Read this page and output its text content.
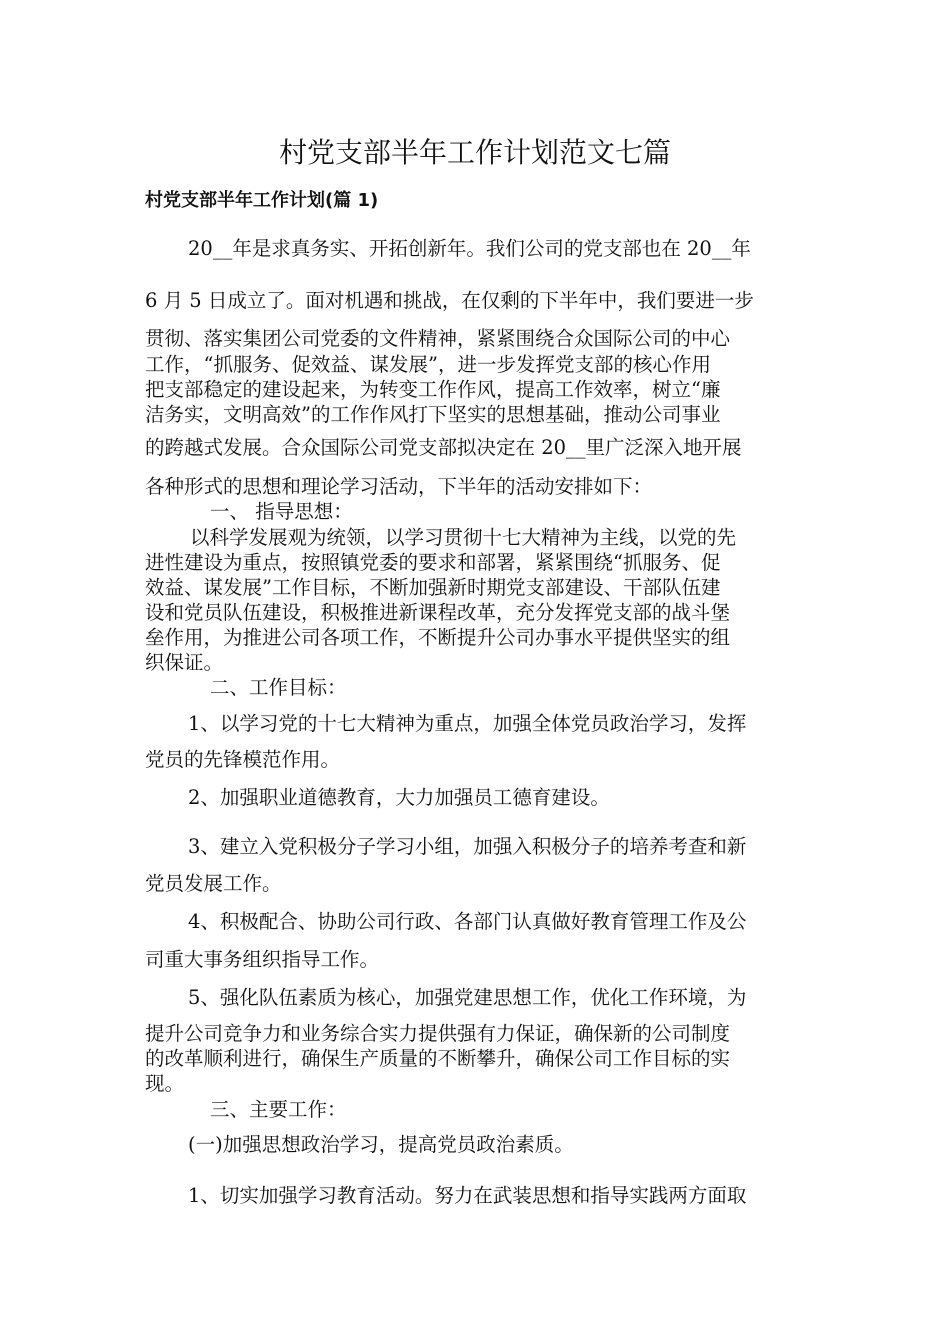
村党支部半年工作计划范文七篇
村党支部半年工作计划(篇 1)
20__年是求真务实、开拓创新年。我们公司的党支部也在 20__年
6 月 5 日成立了。面对机遇和挑战，在仅剩的下半年中，我们要进一步
贯彻、落实集团公司党委的文件精神，紧紧围绕合众国际公司的中心
工作，“抓服务、促效益、谋发展”，进一步发挥党支部的核心作用
把支部稳定的建设起来，为转变工作作风，提高工作效率，树立“廉
洁务实，文明高效”的工作作风打下坚实的思想基础，推动公司事业
的跨越式发展。合众国际公司党支部拟决定在 20__里广泛深入地开展
各种形式的思想和理论学习活动，下半年的活动安排如下：
一、 指导思想：
以科学发展观为统领，以学习贯彻十七大精神为主线，以党的先
进性建设为重点，按照镇党委的要求和部署，紧紧围绕“抓服务、促
效益、谋发展”工作目标，不断加强新时期党支部建设、干部队伍建
设和党员队伍建设，积极推进新课程改革，充分发挥党支部的战斗堡
垒作用，为推进公司各项工作，不断提升公司办事水平提供坚实的组
织保证。
二、工作目标：
1、以学习党的十七大精神为重点，加强全体党员政治学习，发挥
党员的先锋模范作用。
2、加强职业道德教育，大力加强员工德育建设。
3、建立入党积极分子学习小组，加强入积极分子的培养考查和新
党员发展工作。
4、积极配合、协助公司行政、各部门认真做好教育管理工作及公
司重大事务组织指导工作。
5、强化队伍素质为核心，加强党建思想工作，优化工作环境，为
提升公司竞争力和业务综合实力提供强有力保证，确保新的公司制度
的改革顺利进行，确保生产质量的不断攀升，确保公司工作目标的实
现。
三、主要工作：
(一)加强思想政治学习，提高党员政治素质。
1、切实加强学习教育活动。努力在武装思想和指导实践两方面取
